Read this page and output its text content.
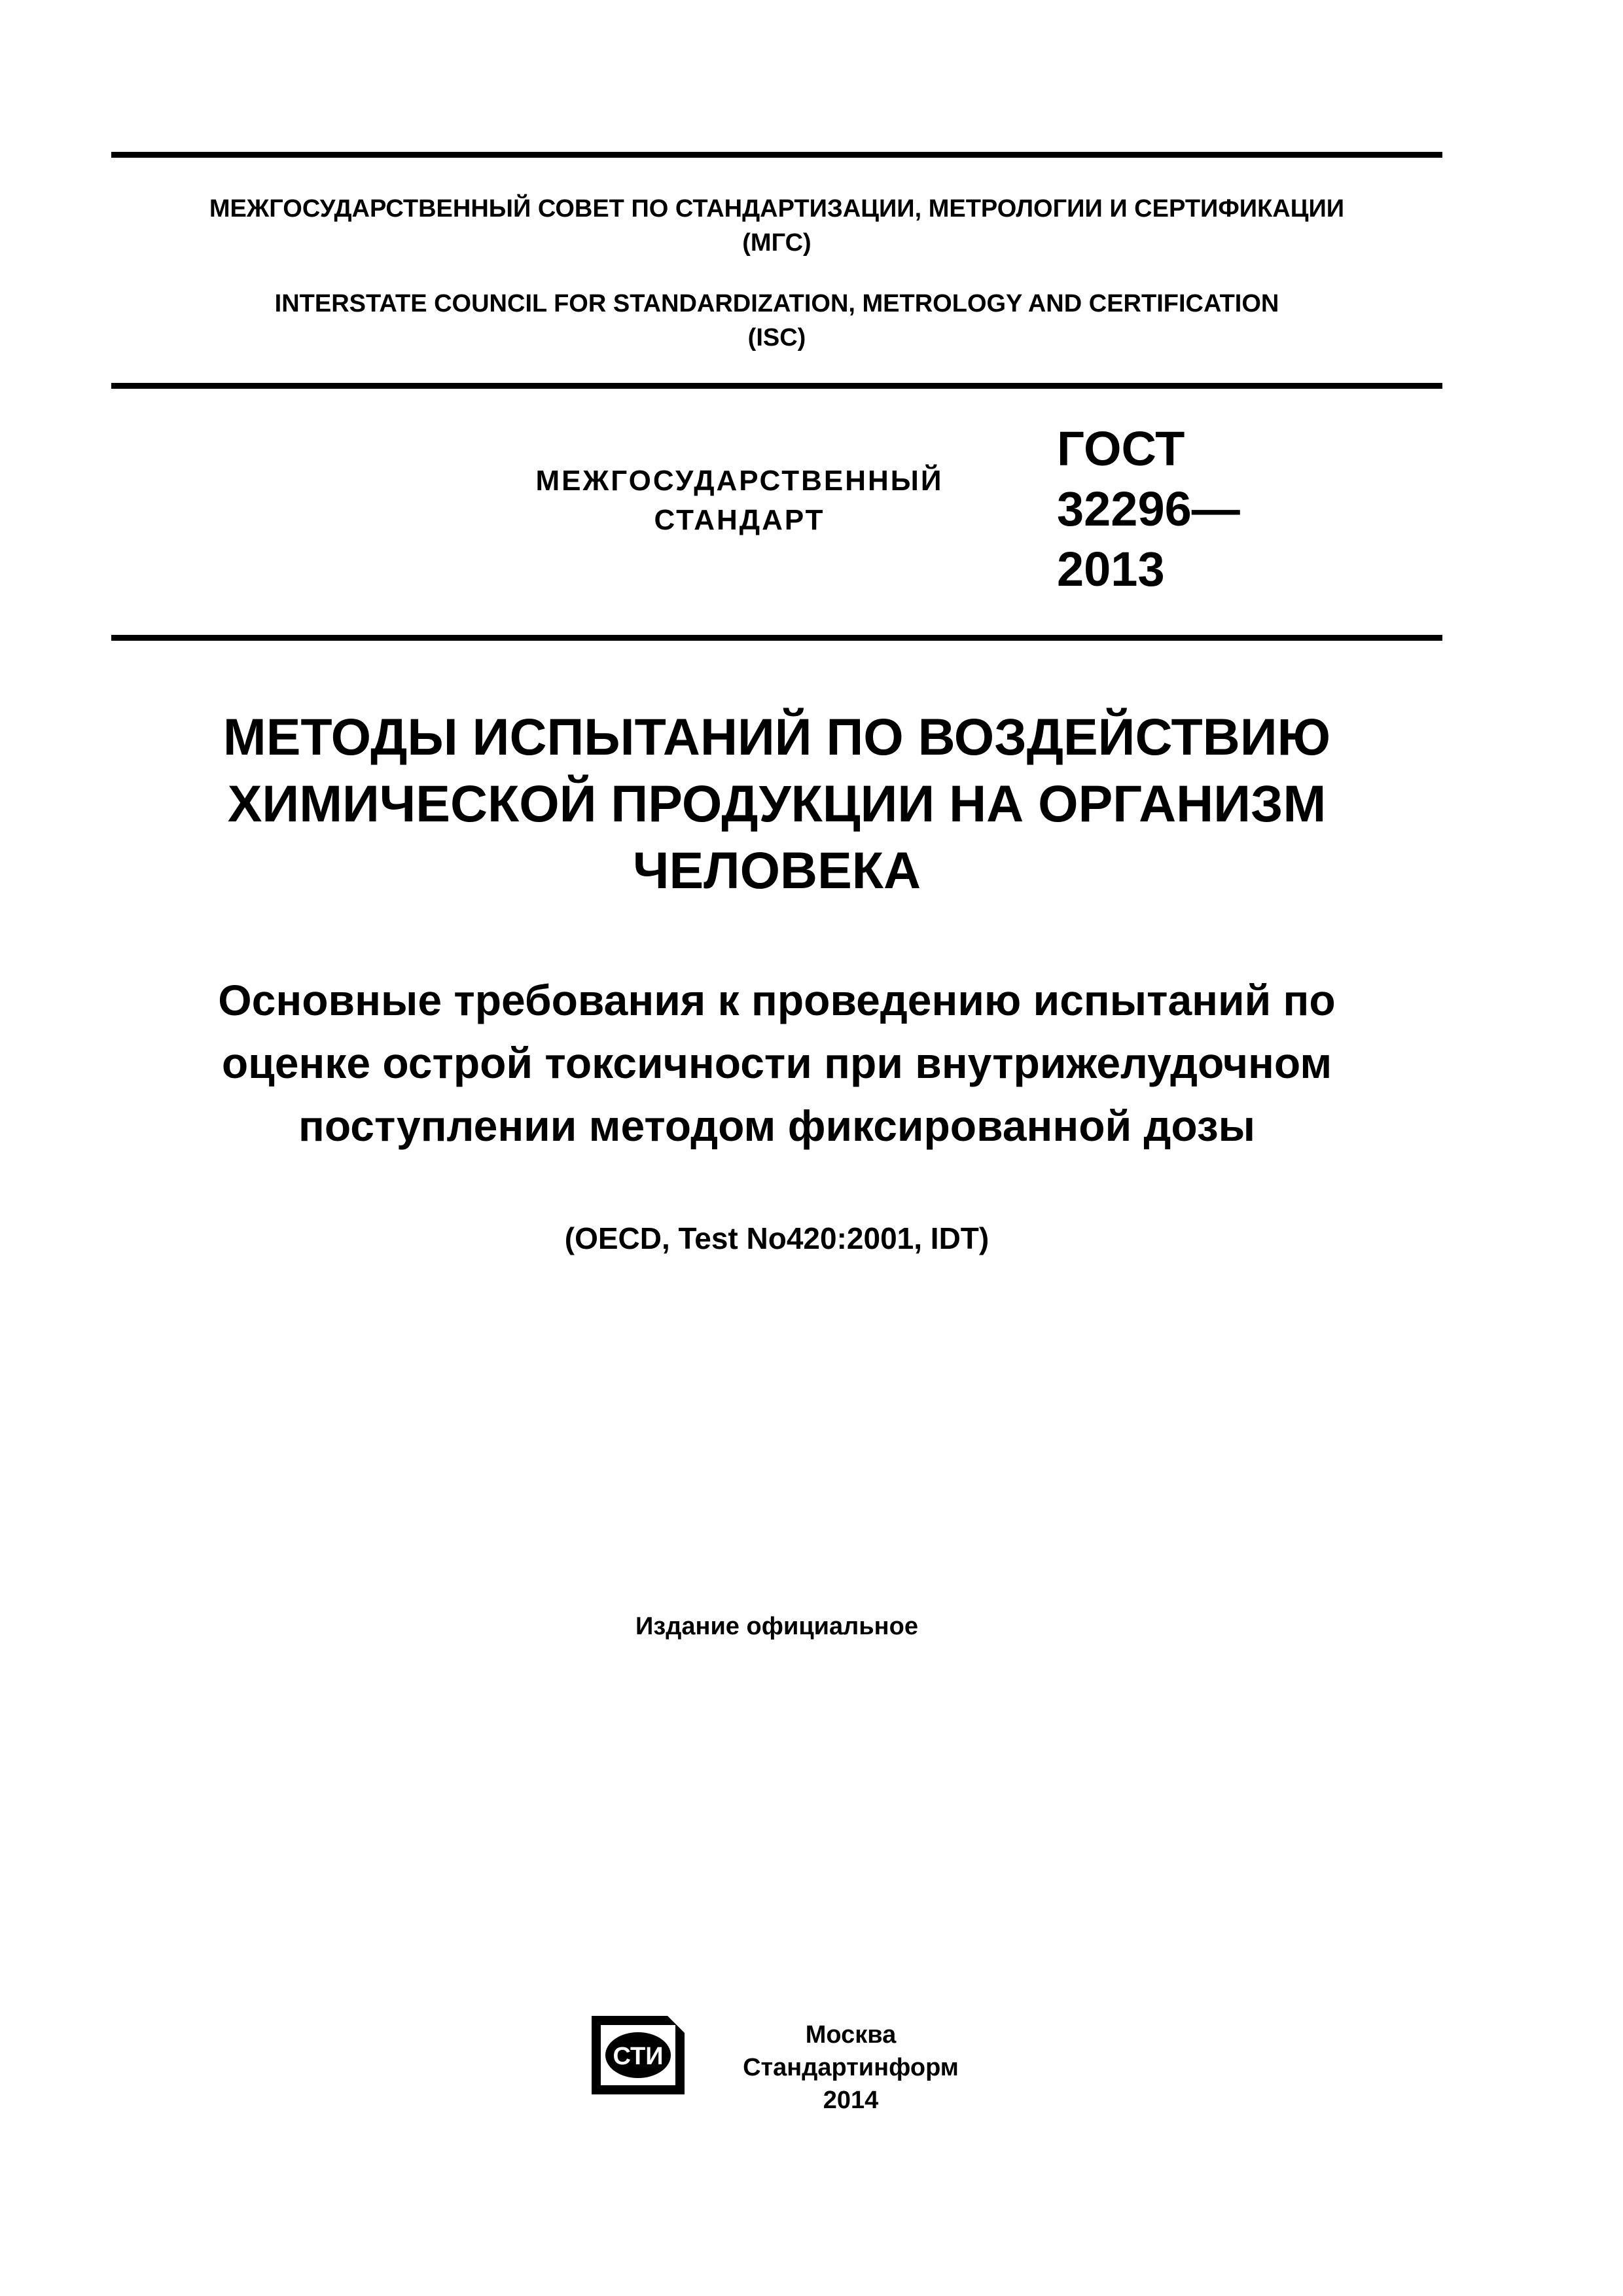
МЕЖГОСУДАРСТВЕННЫЙ СОВЕТ ПО СТАНДАРТИЗАЦИИ, МЕТРОЛОГИИ И СЕРТИФИКАЦИИ
(МГС)
INTERSTATE COUNCIL FOR STANDARDIZATION, METROLOGY AND CERTIFICATION
(ISC)
МЕЖГОСУДАРСТВЕННЫЙ
СТАНДАРТ
ГОСТ
32296—
2013
МЕТОДЫ ИСПЫТАНИЙ ПО ВОЗДЕЙСТВИЮ
ХИМИЧЕСКОЙ ПРОДУКЦИИ НА ОРГАНИЗМ
ЧЕЛОВЕКА
Основные требования к проведению испытаний по
оценке острой токсичности при внутрижелудочном
поступлении методом фиксированной дозы
(OECD, Test No420:2001, IDT)
Издание официальное
СТИ
Москва
Стандартинформ
2014
